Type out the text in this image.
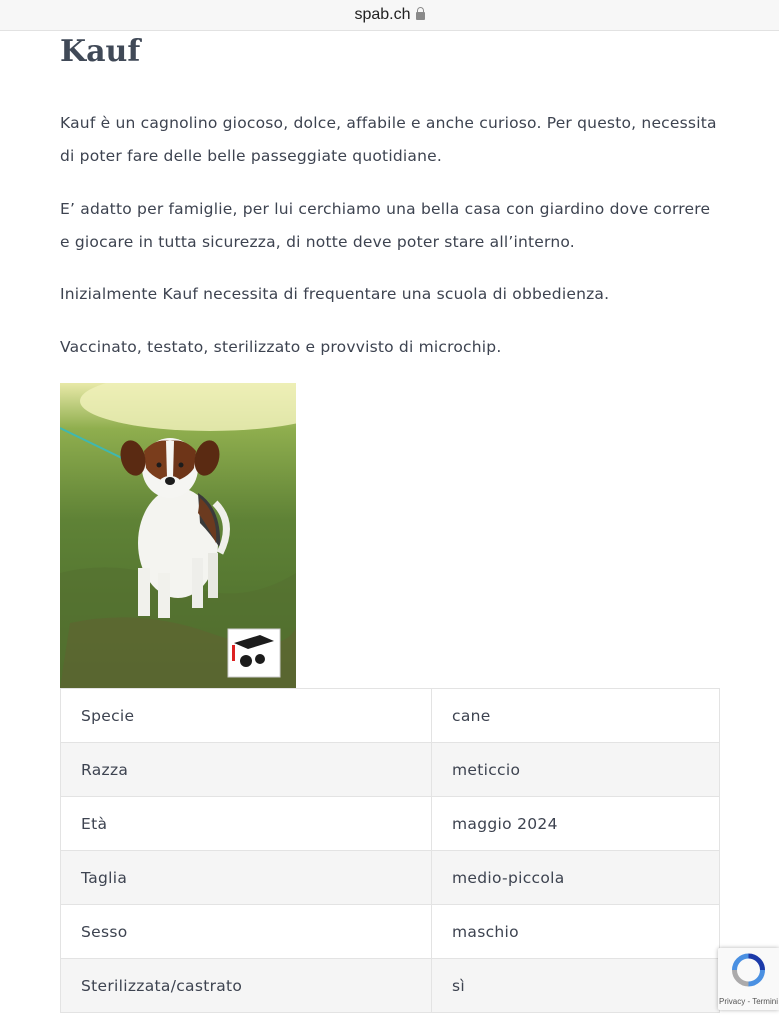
spab.ch
Kauf

Kauf è un cagnolino giocoso, dolce, affabile e anche curioso. Per questo, necessita di poter fare delle belle passeggiate quotidiane.

E’ adatto per famiglie, per lui cerchiamo una bella casa con giardino dove correre e giocare in tutta sicurezza, di notte deve poter stare all’interno.

Inizialmente Kauf necessita di frequentare una scuola di obbedienza.

Vaccinato, testato, sterilizzato e provvisto di microchip.

Specie	cane
Razza	meticcio
Età	maggio 2024
Taglia	medio-piccola
Sesso	maschio
Sterilizzata/castrato	sì
Privacy - Termini
